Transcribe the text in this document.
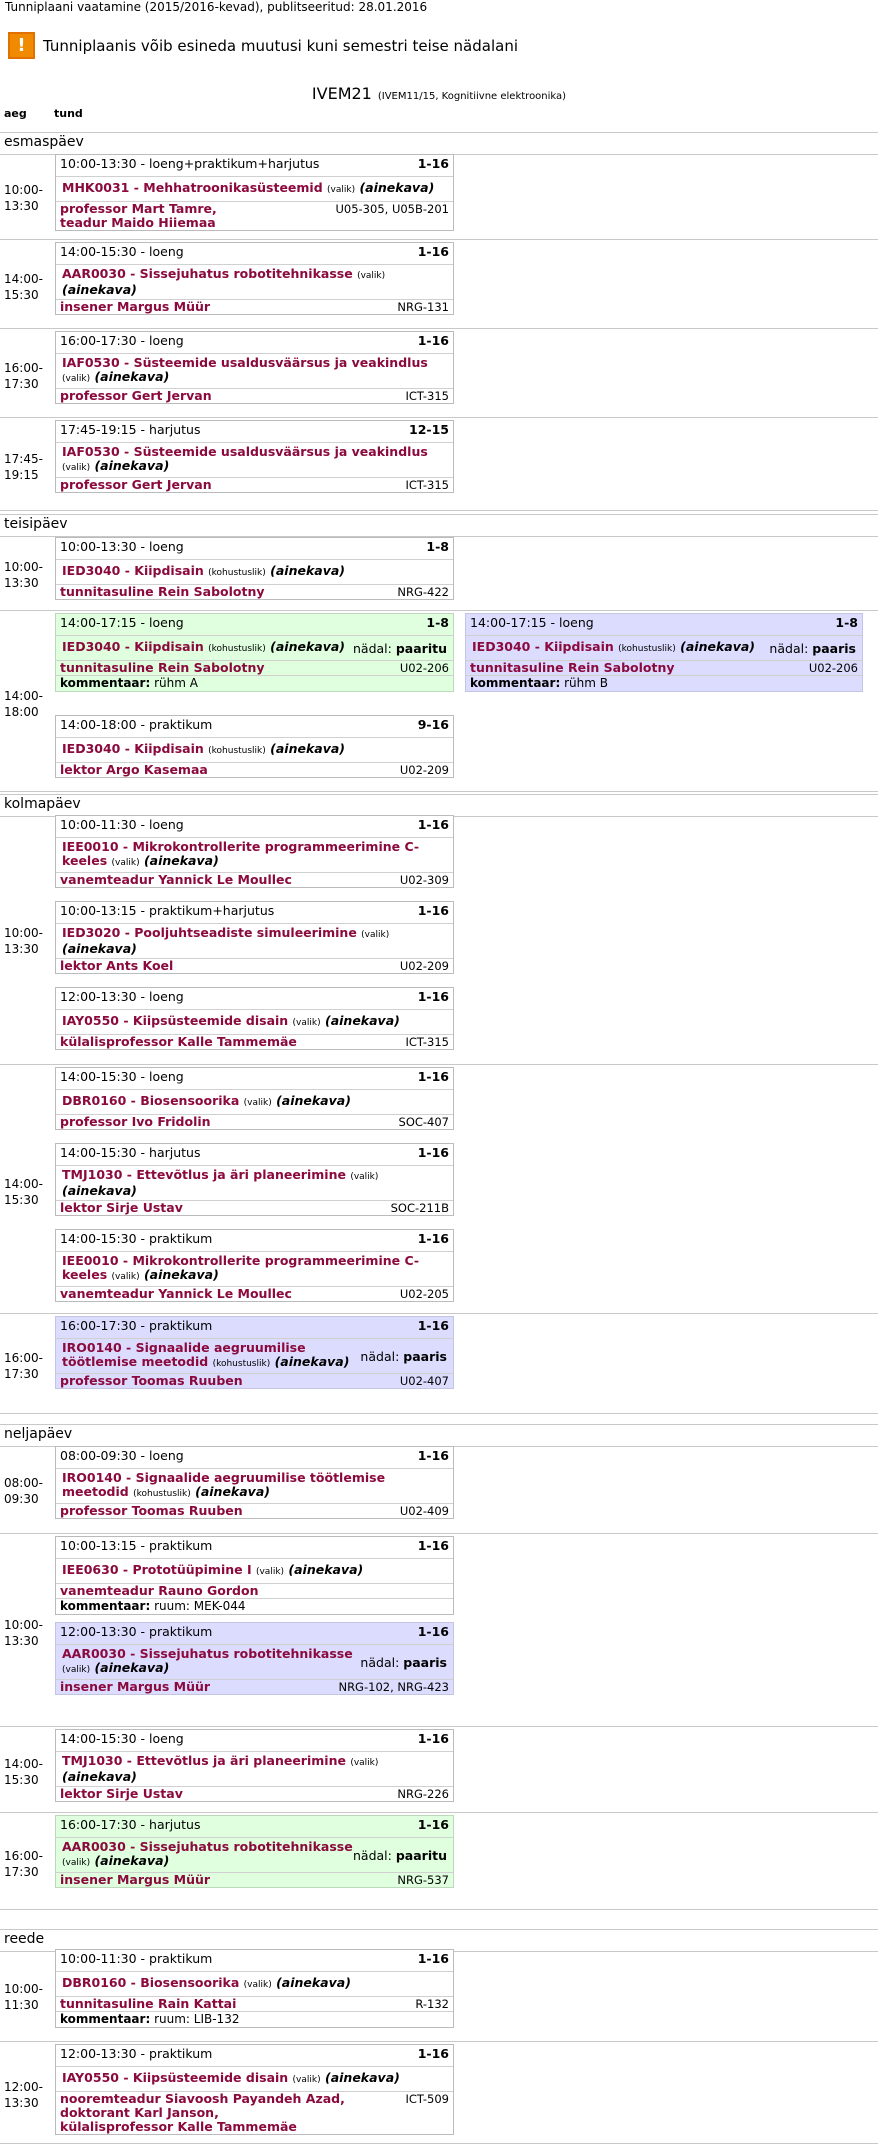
Tunniplaani vaatamine (2015/2016-kevad), publitseeritud: 28.01.2016
!	Tunniplaanis võib esineda muutusi kuni semestri teise nädalani
IVEM21 (IVEM11/15, Kognitiivne elektroonika)
aeg tund
esmaspäev
10:00-13:30
10:00-13:30 - loeng+praktikum+harjutus	1-16
MHK0031 - Mehhatroonikasüsteemid (valik) (ainekava)
professor Mart Tamre,
teadur Maido Hiiemaa
U05-305, U05B-201
14:00-15:30
14:00-15:30 - loeng	1-16
AAR0030 - Sissejuhatus robotitehnikasse (valik) (ainekava)
insener Margus Müür	NRG-131
16:00-17:30
16:00-17:30 - loeng	1-16
IAF0530 - Süsteemide usaldusväärsus ja veakindlus (valik) (ainekava)
professor Gert Jervan	ICT-315
17:45-19:15
17:45-19:15 - harjutus	12-15
IAF0530 - Süsteemide usaldusväärsus ja veakindlus (valik) (ainekava)
professor Gert Jervan	ICT-315
teisipäev
10:00-13:30
10:00-13:30 - loeng	1-8
IED3040 - Kiipdisain (kohustuslik) (ainekava)
tunnitasuline Rein Sabolotny	NRG-422
14:00-18:00
14:00-17:15 - loeng	1-8
IED3040 - Kiipdisain (kohustuslik) (ainekava) nädal: paaritu
tunnitasuline Rein Sabolotny	U02-206
kommentaar: rühm A
14:00-17:15 - loeng	1-8
IED3040 - Kiipdisain (kohustuslik) (ainekava) nädal: paaris
tunnitasuline Rein Sabolotny	U02-206
kommentaar: rühm B
14:00-18:00 - praktikum	9-16
IED3040 - Kiipdisain (kohustuslik) (ainekava)
lektor Argo Kasemaa	U02-209
kolmapäev
10:00-13:30
10:00-11:30 - loeng	1-16
IEE0010 - Mikrokontrollerite programmeerimine C-keeles (valik) (ainekava)
vanemteadur Yannick Le Moullec	U02-309
10:00-13:15 - praktikum+harjutus	1-16
IED3020 - Pooljuhtseadiste simuleerimine (valik) (ainekava)
lektor Ants Koel	U02-209
12:00-13:30 - loeng	1-16
IAY0550 - Kiipsüsteemide disain (valik) (ainekava)
külalisprofessor Kalle Tammemäe	ICT-315
14:00-15:30
14:00-15:30 - loeng	1-16
DBR0160 - Biosensoorika (valik) (ainekava)
professor Ivo Fridolin	SOC-407
14:00-15:30 - harjutus	1-16
TMJ1030 - Ettevõtlus ja äri planeerimine (valik) (ainekava)
lektor Sirje Ustav	SOC-211B
14:00-15:30 - praktikum	1-16
IEE0010 - Mikrokontrollerite programmeerimine C-keeles (valik) (ainekava)
vanemteadur Yannick Le Moullec	U02-205
16:00-17:30
16:00-17:30 - praktikum	1-16
IRO0140 - Signaalide aegruumilise töötlemise meetodid (kohustuslik) (ainekava) nädal: paaris
professor Toomas Ruuben	U02-407
neljapäev
08:00-09:30
08:00-09:30 - loeng	1-16
IRO0140 - Signaalide aegruumilise töötlemise meetodid (kohustuslik) (ainekava)
professor Toomas Ruuben	U02-409
10:00-13:30
10:00-13:15 - praktikum	1-16
IEE0630 - Prototüüpimine I (valik) (ainekava)
vanemteadur Rauno Gordon
kommentaar: ruum: MEK-044
12:00-13:30 - praktikum	1-16
AAR0030 - Sissejuhatus robotitehnikasse (valik) (ainekava)	nädal: paaris
insener Margus Müür	NRG-102, NRG-423
14:00-15:30
14:00-15:30 - loeng	1-16
TMJ1030 - Ettevõtlus ja äri planeerimine (valik) (ainekava)
lektor Sirje Ustav	NRG-226
16:00-17:30
16:00-17:30 - harjutus	1-16
AAR0030 - Sissejuhatus robotitehnikasse (valik) (ainekava)	nädal: paaritu
insener Margus Müür	NRG-537
reede
10:00-11:30
10:00-11:30 - praktikum	1-16
DBR0160 - Biosensoorika (valik) (ainekava)
tunnitasuline Rain Kattai	R-132
kommentaar: ruum: LIB-132
12:00-13:30
12:00-13:30 - praktikum	1-16
IAY0550 - Kiipsüsteemide disain (valik) (ainekava)
nooremteadur Siavoosh Payandeh Azad,
doktorant Karl Janson,
külalisprofessor Kalle Tammemäe
ICT-509
